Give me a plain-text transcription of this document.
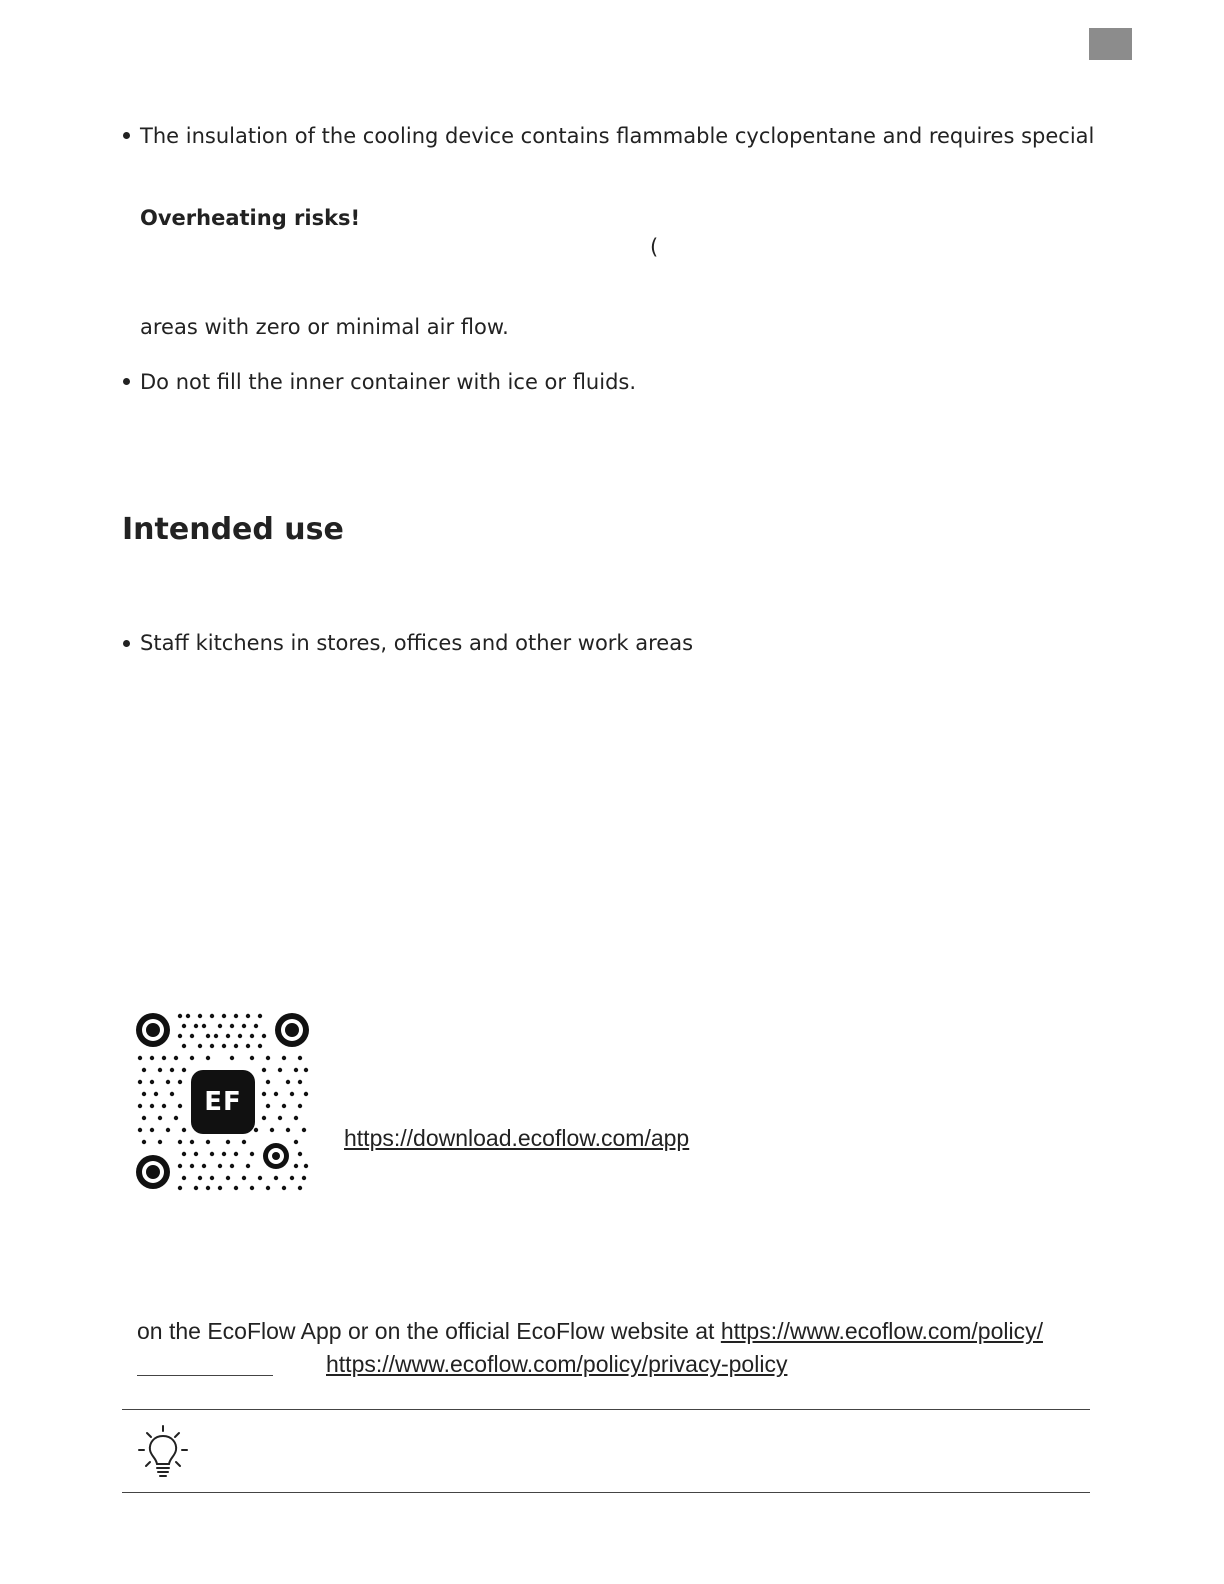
The insulation of the cooling device contains flammable cyclopentane and requires special
Overheating risks!
(
areas with zero or minimal air flow.
Do not fill the inner container with ice or fluids.
Intended use
Staff kitchens in stores, offices and other work areas
EF
https://download.ecoflow.com/app
on the EcoFlow App or on the official EcoFlow website at https://www.ecoflow.com/policy/
https://www.ecoflow.com/policy/privacy-policy
